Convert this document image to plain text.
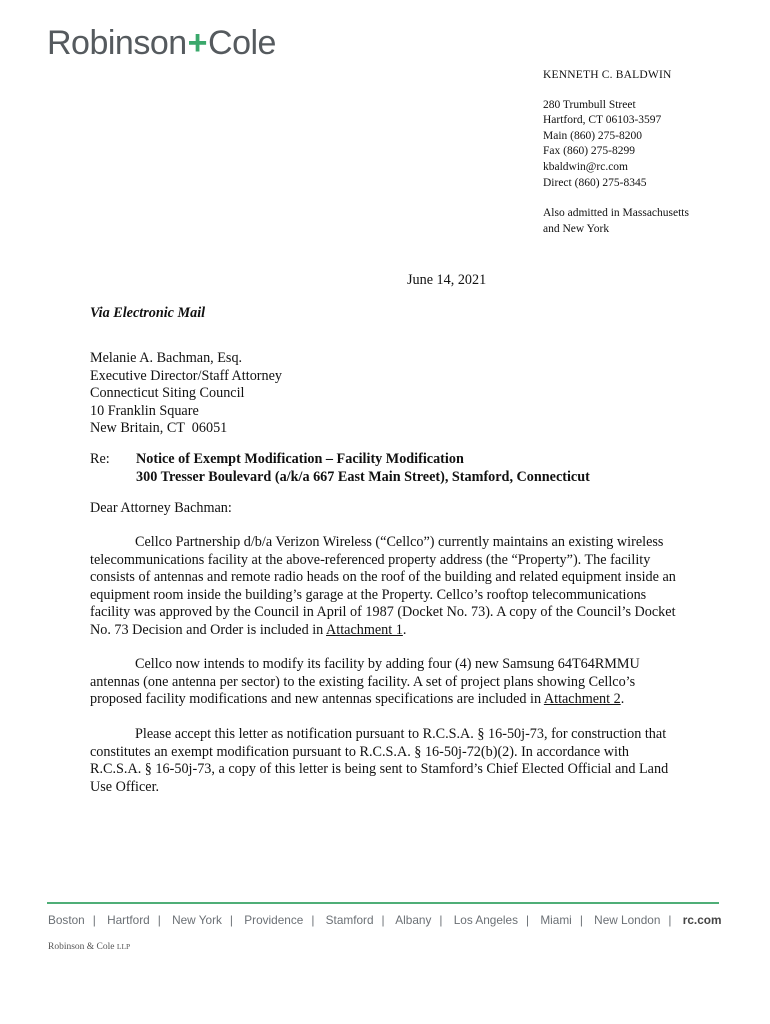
Robinson+Cole
KENNETH C. BALDWIN
280 Trumbull Street
Hartford, CT 06103-3597
Main (860) 275-8200
Fax (860) 275-8299
kbaldwin@rc.com
Direct (860) 275-8345
Also admitted in Massachusetts
and New York
June 14, 2021
Via Electronic Mail
Melanie A. Bachman, Esq.
Executive Director/Staff Attorney
Connecticut Siting Council
10 Franklin Square
New Britain, CT  06051
Re:	Notice of Exempt Modification – Facility Modification
300 Tresser Boulevard (a/k/a 667 East Main Street), Stamford, Connecticut
Dear Attorney Bachman:
Cellco Partnership d/b/a Verizon Wireless (“Cellco”) currently maintains an existing wireless telecommunications facility at the above-referenced property address (the “Property”). The facility consists of antennas and remote radio heads on the roof of the building and related equipment inside an equipment room inside the building’s garage at the Property. Cellco’s rooftop telecommunications facility was approved by the Council in April of 1987 (Docket No. 73). A copy of the Council’s Docket No. 73 Decision and Order is included in Attachment 1.
Cellco now intends to modify its facility by adding four (4) new Samsung 64T64RMMU antennas (one antenna per sector) to the existing facility. A set of project plans showing Cellco’s proposed facility modifications and new antennas specifications are included in Attachment 2.
Please accept this letter as notification pursuant to R.C.S.A. § 16-50j-73, for construction that constitutes an exempt modification pursuant to R.C.S.A. § 16-50j-72(b)(2). In accordance with R.C.S.A. § 16-50j-73, a copy of this letter is being sent to Stamford’s Chief Elected Official and Land Use Officer.
Boston | Hartford | New York | Providence | Stamford | Albany | Los Angeles | Miami | New London | rc.com
Robinson & Cole LLP
